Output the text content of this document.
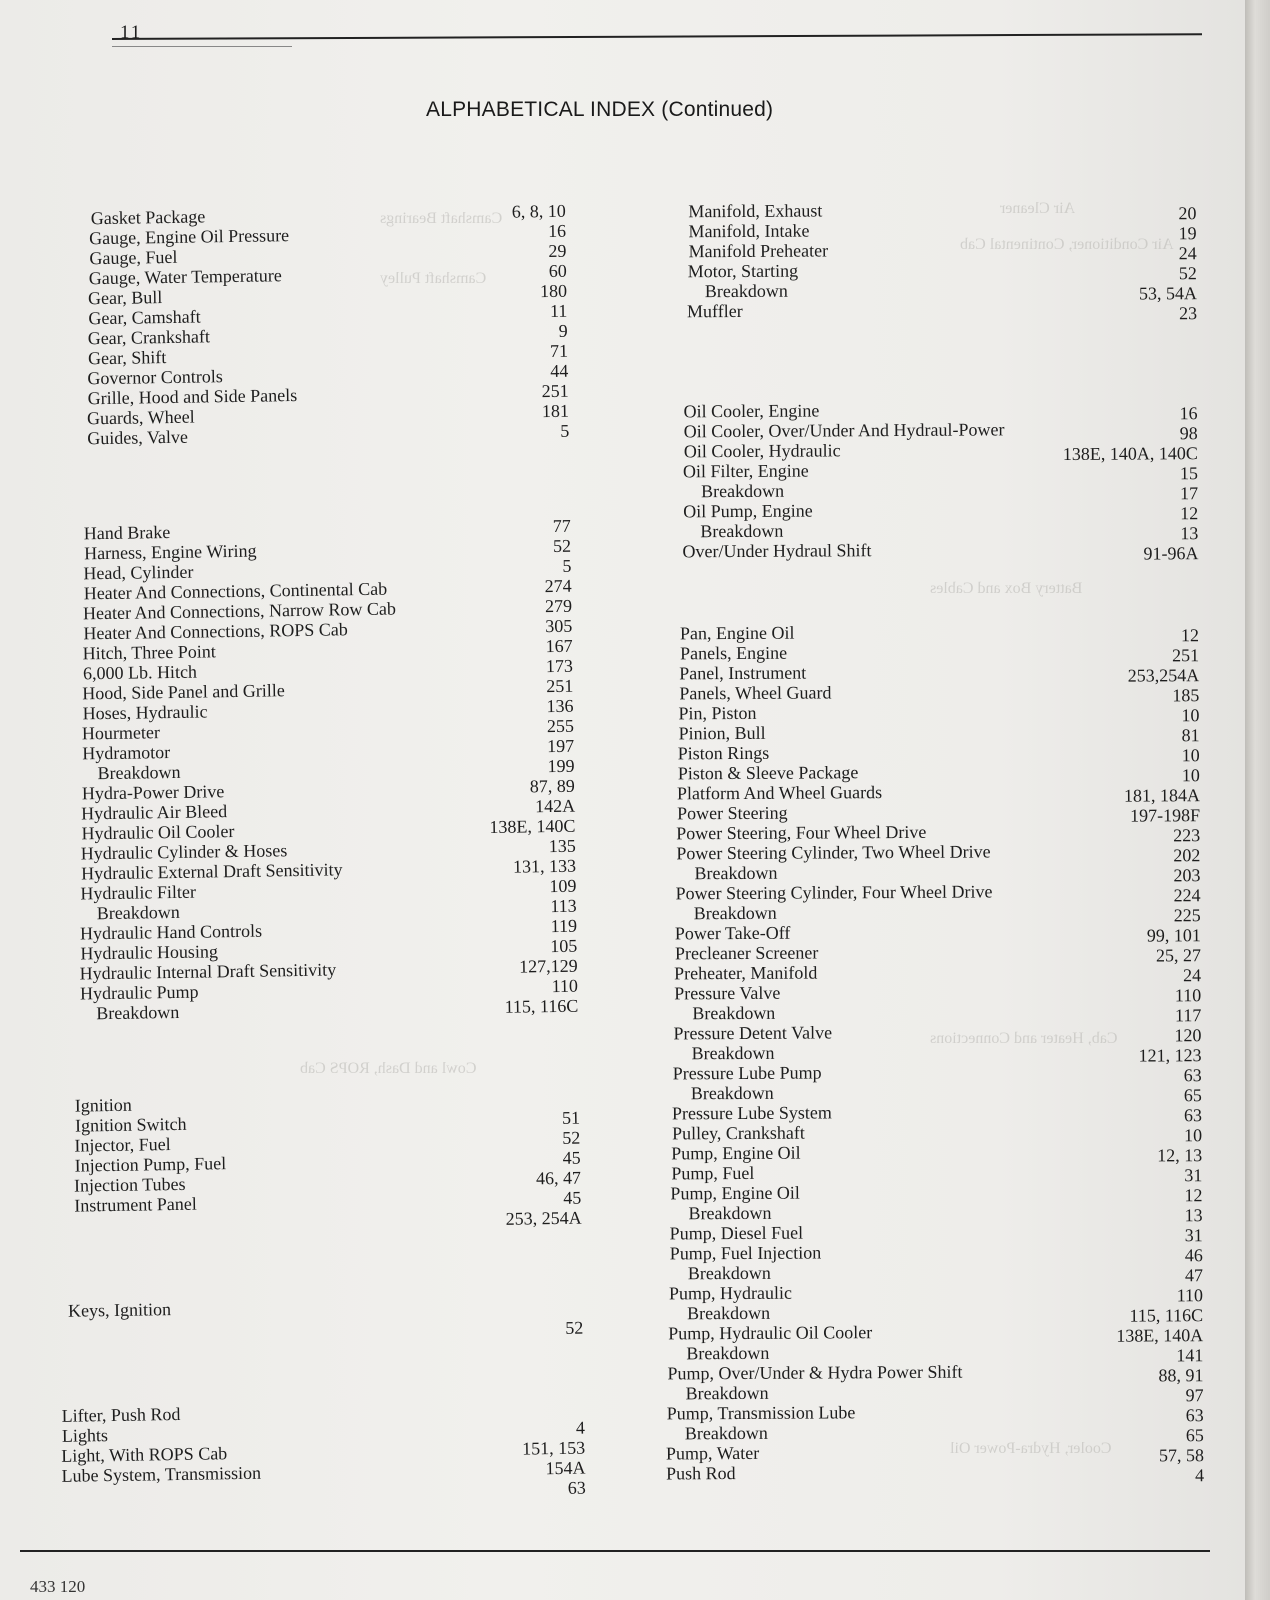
Air Cleaner
Air Conditioner, Continental Cab
Camshaft Bearings
Camshaft Pulley
Battery Box and Cables
Cab, Heater and Connections
Cowl and Dash, ROPS Cab
Cooler, Hydra-Power Oil
11
ALPHABETICAL INDEX (Continued)
Gasket Package
Gauge, Engine Oil Pressure
Gauge, Fuel
Gauge, Water Temperature
Gear, Bull
Gear, Camshaft
Gear, Crankshaft
Gear, Shift
Governor Controls
Grille, Hood and Side Panels
Guards, Wheel
Guides, Valve
Hand Brake
Harness, Engine Wiring
Head, Cylinder
Heater And Connections, Continental Cab
Heater And Connections, Narrow Row Cab
Heater And Connections, ROPS Cab
Hitch, Three Point
6,000 Lb. Hitch
Hood, Side Panel and Grille
Hoses, Hydraulic
Hourmeter
Hydramotor
Breakdown
Hydra-Power Drive
Hydraulic Air Bleed
Hydraulic Oil Cooler
Hydraulic Cylinder & Hoses
Hydraulic External Draft Sensitivity
Hydraulic Filter
Breakdown
Hydraulic Hand Controls
Hydraulic Housing
Hydraulic Internal Draft Sensitivity
Hydraulic Pump
Breakdown
Ignition
Ignition Switch
Injector, Fuel
Injection Pump, Fuel
Injection Tubes
Instrument Panel
Keys, Ignition
Lifter, Push Rod
Lights
Light, With ROPS Cab
Lube System, Transmission
6, 8, 10
16
29
60
180
11
9
71
44
251
181
5
77
52
5
274
279
305
167
173
251
136
255
197
199
87, 89
142A
138E, 140C
135
131, 133
109
113
119
105
127,129
110
115, 116C
51
52
45
46, 47
45
253, 254A
52
4
151, 153
154A
63
Manifold, Exhaust
Manifold, Intake
Manifold Preheater
Motor, Starting
Breakdown
Muffler
Oil Cooler, Engine
Oil Cooler, Over/Under And Hydraul-Power
Oil Cooler, Hydraulic
Oil Filter, Engine
Breakdown
Oil Pump, Engine
Breakdown
Over/Under Hydraul Shift
Pan, Engine Oil
Panels, Engine
Panel, Instrument
Panels, Wheel Guard
Pin, Piston
Pinion, Bull
Piston Rings
Piston & Sleeve Package
Platform And Wheel Guards
Power Steering
Power Steering, Four Wheel Drive
Power Steering Cylinder, Two Wheel Drive
Breakdown
Power Steering Cylinder, Four Wheel Drive
Breakdown
Power Take-Off
Precleaner Screener
Preheater, Manifold
Pressure Valve
Breakdown
Pressure Detent Valve
Breakdown
Pressure Lube Pump
Breakdown
Pressure Lube System
Pulley, Crankshaft
Pump, Engine Oil
Pump, Fuel
Pump, Engine Oil
Breakdown
Pump, Diesel Fuel
Pump, Fuel Injection
Breakdown
Pump, Hydraulic
Breakdown
Pump, Hydraulic Oil Cooler
Breakdown
Pump, Over/Under & Hydra Power Shift
Breakdown
Pump, Transmission Lube
Breakdown
Pump, Water
Push Rod
20
19
24
52
53, 54A
23
16
98
138E, 140A, 140C
15
17
12
13
91-96A
12
251
253,254A
185
10
81
10
10
181, 184A
197-198F
223
202
203
224
225
99, 101
25, 27
24
110
117
120
121, 123
63
65
63
10
12, 13
31
12
13
31
46
47
110
115, 116C
138E, 140A
141
88, 91
97
63
65
57, 58
4
433 120
